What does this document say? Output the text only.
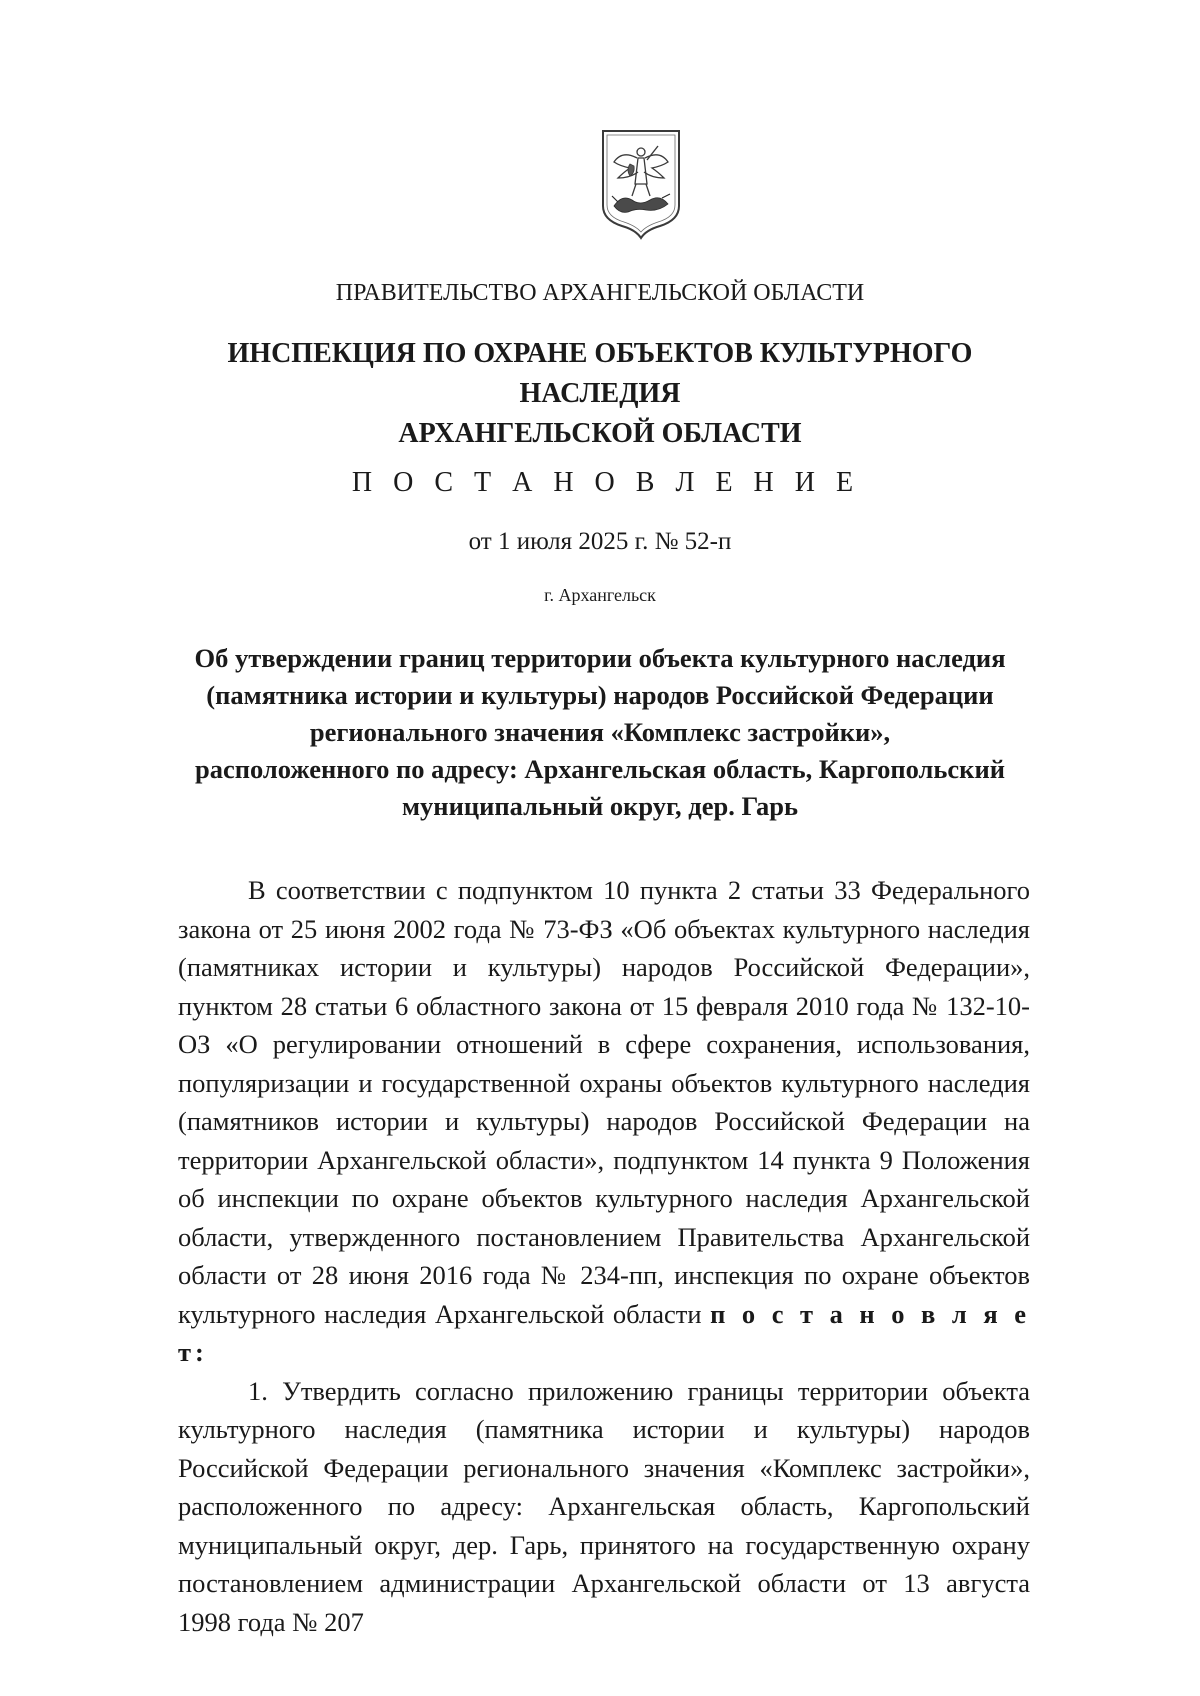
ПРАВИТЕЛЬСТВО АРХАНГЕЛЬСКОЙ ОБЛАСТИ
ИНСПЕКЦИЯ ПО ОХРАНЕ ОБЪЕКТОВ КУЛЬТУРНОГО НАСЛЕДИЯ
АРХАНГЕЛЬСКОЙ ОБЛАСТИ
П О С Т А Н О В Л Е Н И Е
от 1 июля 2025 г. № 52-п
г. Архангельск
Об утверждении границ территории объекта культурного наследия
(памятника истории и культуры) народов Российской Федерации
регионального значения «Комплекс застройки»,
расположенного по адресу: Архангельская область, Каргопольский
муниципальный округ, дер. Гарь

В соответствии с подпунктом 10 пункта 2 статьи 33 Федерального закона от 25 июня 2002 года № 73-ФЗ «Об объектах культурного наследия (памятниках истории и культуры) народов Российской Федерации», пунктом 28 статьи 6 областного закона от 15 февраля 2010 года № 132-10-ОЗ «О регулировании отношений в сфере сохранения, использования, популяризации и государственной охраны объектов культурного наследия (памятников истории и культуры) народов Российской Федерации на территории Архангельской области», подпунктом 14 пункта 9 Положения об инспекции по охране объектов культурного наследия Архангельской области, утвержденного постановлением Правительства Архангельской области от 28 июня 2016 года № 234-пп, инспекция по охране объектов культурного наследия Архангельской области п о с т а н о в л я е т:

1. Утвердить согласно приложению границы территории объекта культурного наследия (памятника истории и культуры) народов Российской Федерации регионального значения «Комплекс застройки», расположенного по адресу: Архангельская область, Каргопольский муниципальный округ, дер. Гарь, принятого на государственную охрану постановлением администрации Архангельской области от 13 августа 1998 года № 207
